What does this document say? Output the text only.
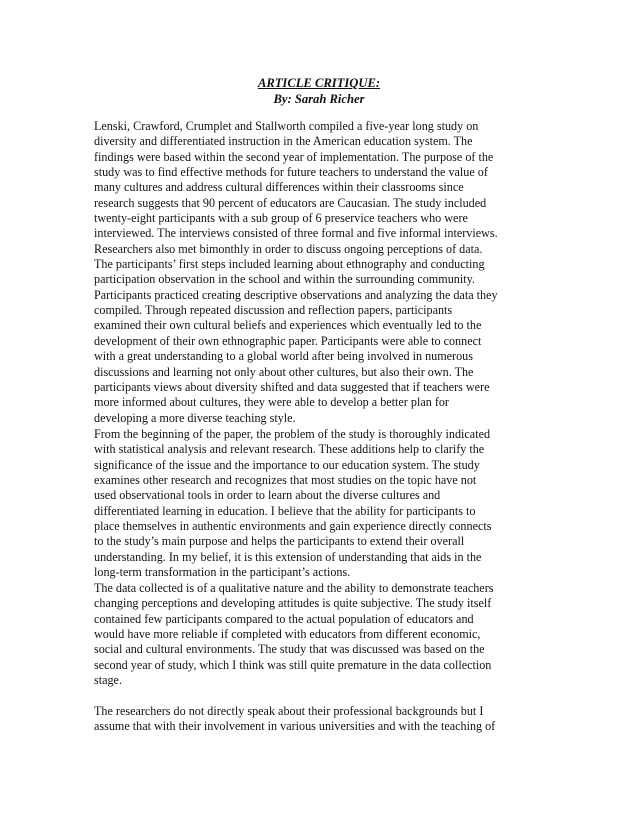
ARTICLE CRITIQUE:
By: Sarah Richer
Lenski, Crawford, Crumplet and Stallworth compiled a five-year long study on
diversity and differentiated instruction in the American education system. The
findings were based within the second year of implementation. The purpose of the
study was to find effective methods for future teachers to understand the value of
many cultures and address cultural differences within their classrooms since
research suggests that 90 percent of educators are Caucasian. The study included
twenty-eight participants with a sub group of 6 preservice teachers who were
interviewed. The interviews consisted of three formal and five informal interviews.
Researchers also met bimonthly in order to discuss ongoing perceptions of data.
The participants’ first steps included learning about ethnography and conducting
participation observation in the school and within the surrounding community.
Participants practiced creating descriptive observations and analyzing the data they
compiled. Through repeated discussion and reflection papers, participants
examined their own cultural beliefs and experiences which eventually led to the
development of their own ethnographic paper. Participants were able to connect
with a great understanding to a global world after being involved in numerous
discussions and learning not only about other cultures, but also their own. The
participants views about diversity shifted and data suggested that if teachers were
more informed about cultures, they were able to develop a better plan for
developing a more diverse teaching style.
From the beginning of the paper, the problem of the study is thoroughly indicated
with statistical analysis and relevant research. These additions help to clarify the
significance of the issue and the importance to our education system. The study
examines other research and recognizes that most studies on the topic have not
used observational tools in order to learn about the diverse cultures and
differentiated learning in education. I believe that the ability for participants to
place themselves in authentic environments and gain experience directly connects
to the study’s main purpose and helps the participants to extend their overall
understanding. In my belief, it is this extension of understanding that aids in the
long-term transformation in the participant’s actions.
The data collected is of a qualitative nature and the ability to demonstrate teachers
changing perceptions and developing attitudes is quite subjective. The study itself
contained few participants compared to the actual population of educators and
would have more reliable if completed with educators from different economic,
social and cultural environments. The study that was discussed was based on the
second year of study, which I think was still quite premature in the data collection
stage.
The researchers do not directly speak about their professional backgrounds but I
assume that with their involvement in various universities and with the teaching of
